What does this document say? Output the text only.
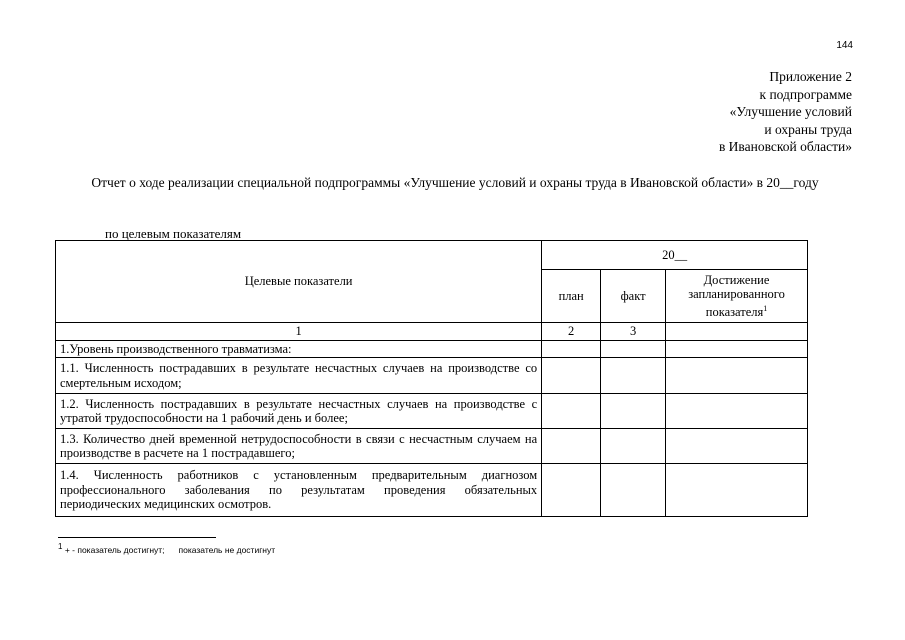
144
Приложение 2
к подпрограмме
«Улучшение условий
и охраны труда
в Ивановской области»
Отчет о ходе реализации специальной подпрограммы «Улучшение условий и охраны труда в Ивановской области» в 20__году
по целевым показателям
Целевые показатели	20__		
	план	факт	Достижение запланированного показателя$^1$
1	2	3	
1.Уровень производственного травматизма:			
1.1. Численность пострадавших в результате несчастных случаев на производстве со смертельным исходом;			
1.2. Численность пострадавших в результате несчастных случаев на производстве с утратой трудоспособности на 1 рабочий день и более;			
1.3. Количество дней временной нетрудоспособности в связи с несчастным случаем на производстве в расчете на 1 пострадавшего;			
1.4. Численность работников с установленным предварительным диагнозом профессионального заболевания по результатам проведения обязательных периодических медицинских осмотров.			
$^1$ + - показатель достигнут; показатель не достигнут
